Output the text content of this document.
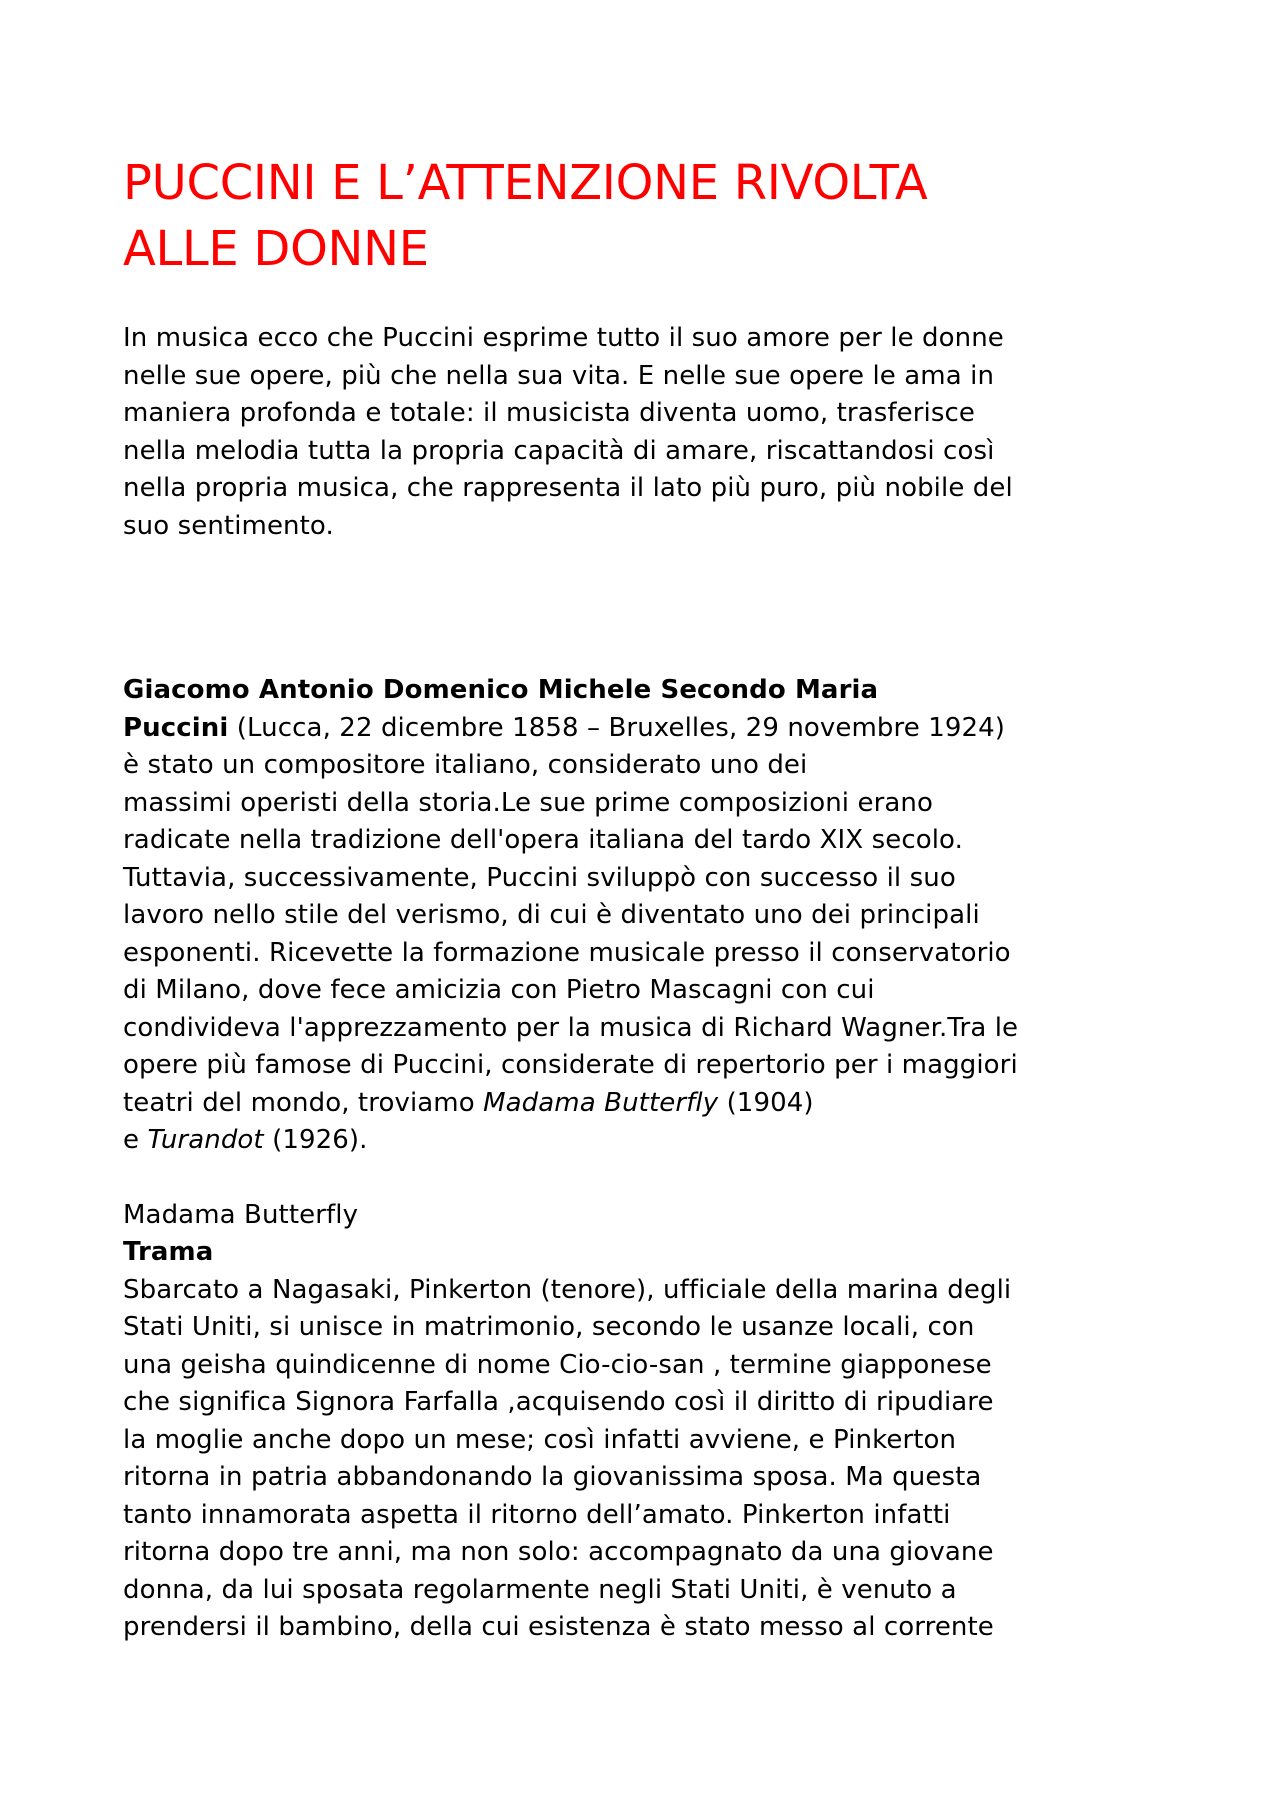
PUCCINI E L’ATTENZIONE RIVOLTA
ALLE DONNE

In musica ecco che Puccini esprime tutto il suo amore per le donne
nelle sue opere, più che nella sua vita. E nelle sue opere le ama in
maniera profonda e totale: il musicista diventa uomo, trasferisce
nella melodia tutta la propria capacità di amare, riscattandosi così
nella propria musica, che rappresenta il lato più puro, più nobile del
suo sentimento.

Giacomo Antonio Domenico Michele Secondo Maria
Puccini (Lucca, 22 dicembre 1858 – Bruxelles, 29 novembre 1924)
è stato un compositore italiano, considerato uno dei
massimi operisti della storia.Le sue prime composizioni erano
radicate nella tradizione dell'opera italiana del tardo XIX secolo.
Tuttavia, successivamente, Puccini sviluppò con successo il suo
lavoro nello stile del verismo, di cui è diventato uno dei principali
esponenti. Ricevette la formazione musicale presso il conservatorio
di Milano, dove fece amicizia con Pietro Mascagni con cui
condivideva l'apprezzamento per la musica di Richard Wagner.Tra le
opere più famose di Puccini, considerate di repertorio per i maggiori
teatri del mondo, troviamo Madama Butterfly (1904)
e Turandot (1926).

Madama Butterfly
Trama
Sbarcato a Nagasaki, Pinkerton (tenore), ufficiale della marina degli
Stati Uniti, si unisce in matrimonio, secondo le usanze locali, con
una geisha quindicenne di nome Cio-cio-san , termine giapponese
che significa Signora Farfalla ,acquisendo così il diritto di ripudiare
la moglie anche dopo un mese; così infatti avviene, e Pinkerton
ritorna in patria abbandonando la giovanissima sposa. Ma questa
tanto innamorata aspetta il ritorno dell’amato. Pinkerton infatti
ritorna dopo tre anni, ma non solo: accompagnato da una giovane
donna, da lui sposata regolarmente negli Stati Uniti, è venuto a
prendersi il bambino, della cui esistenza è stato messo al corrente
